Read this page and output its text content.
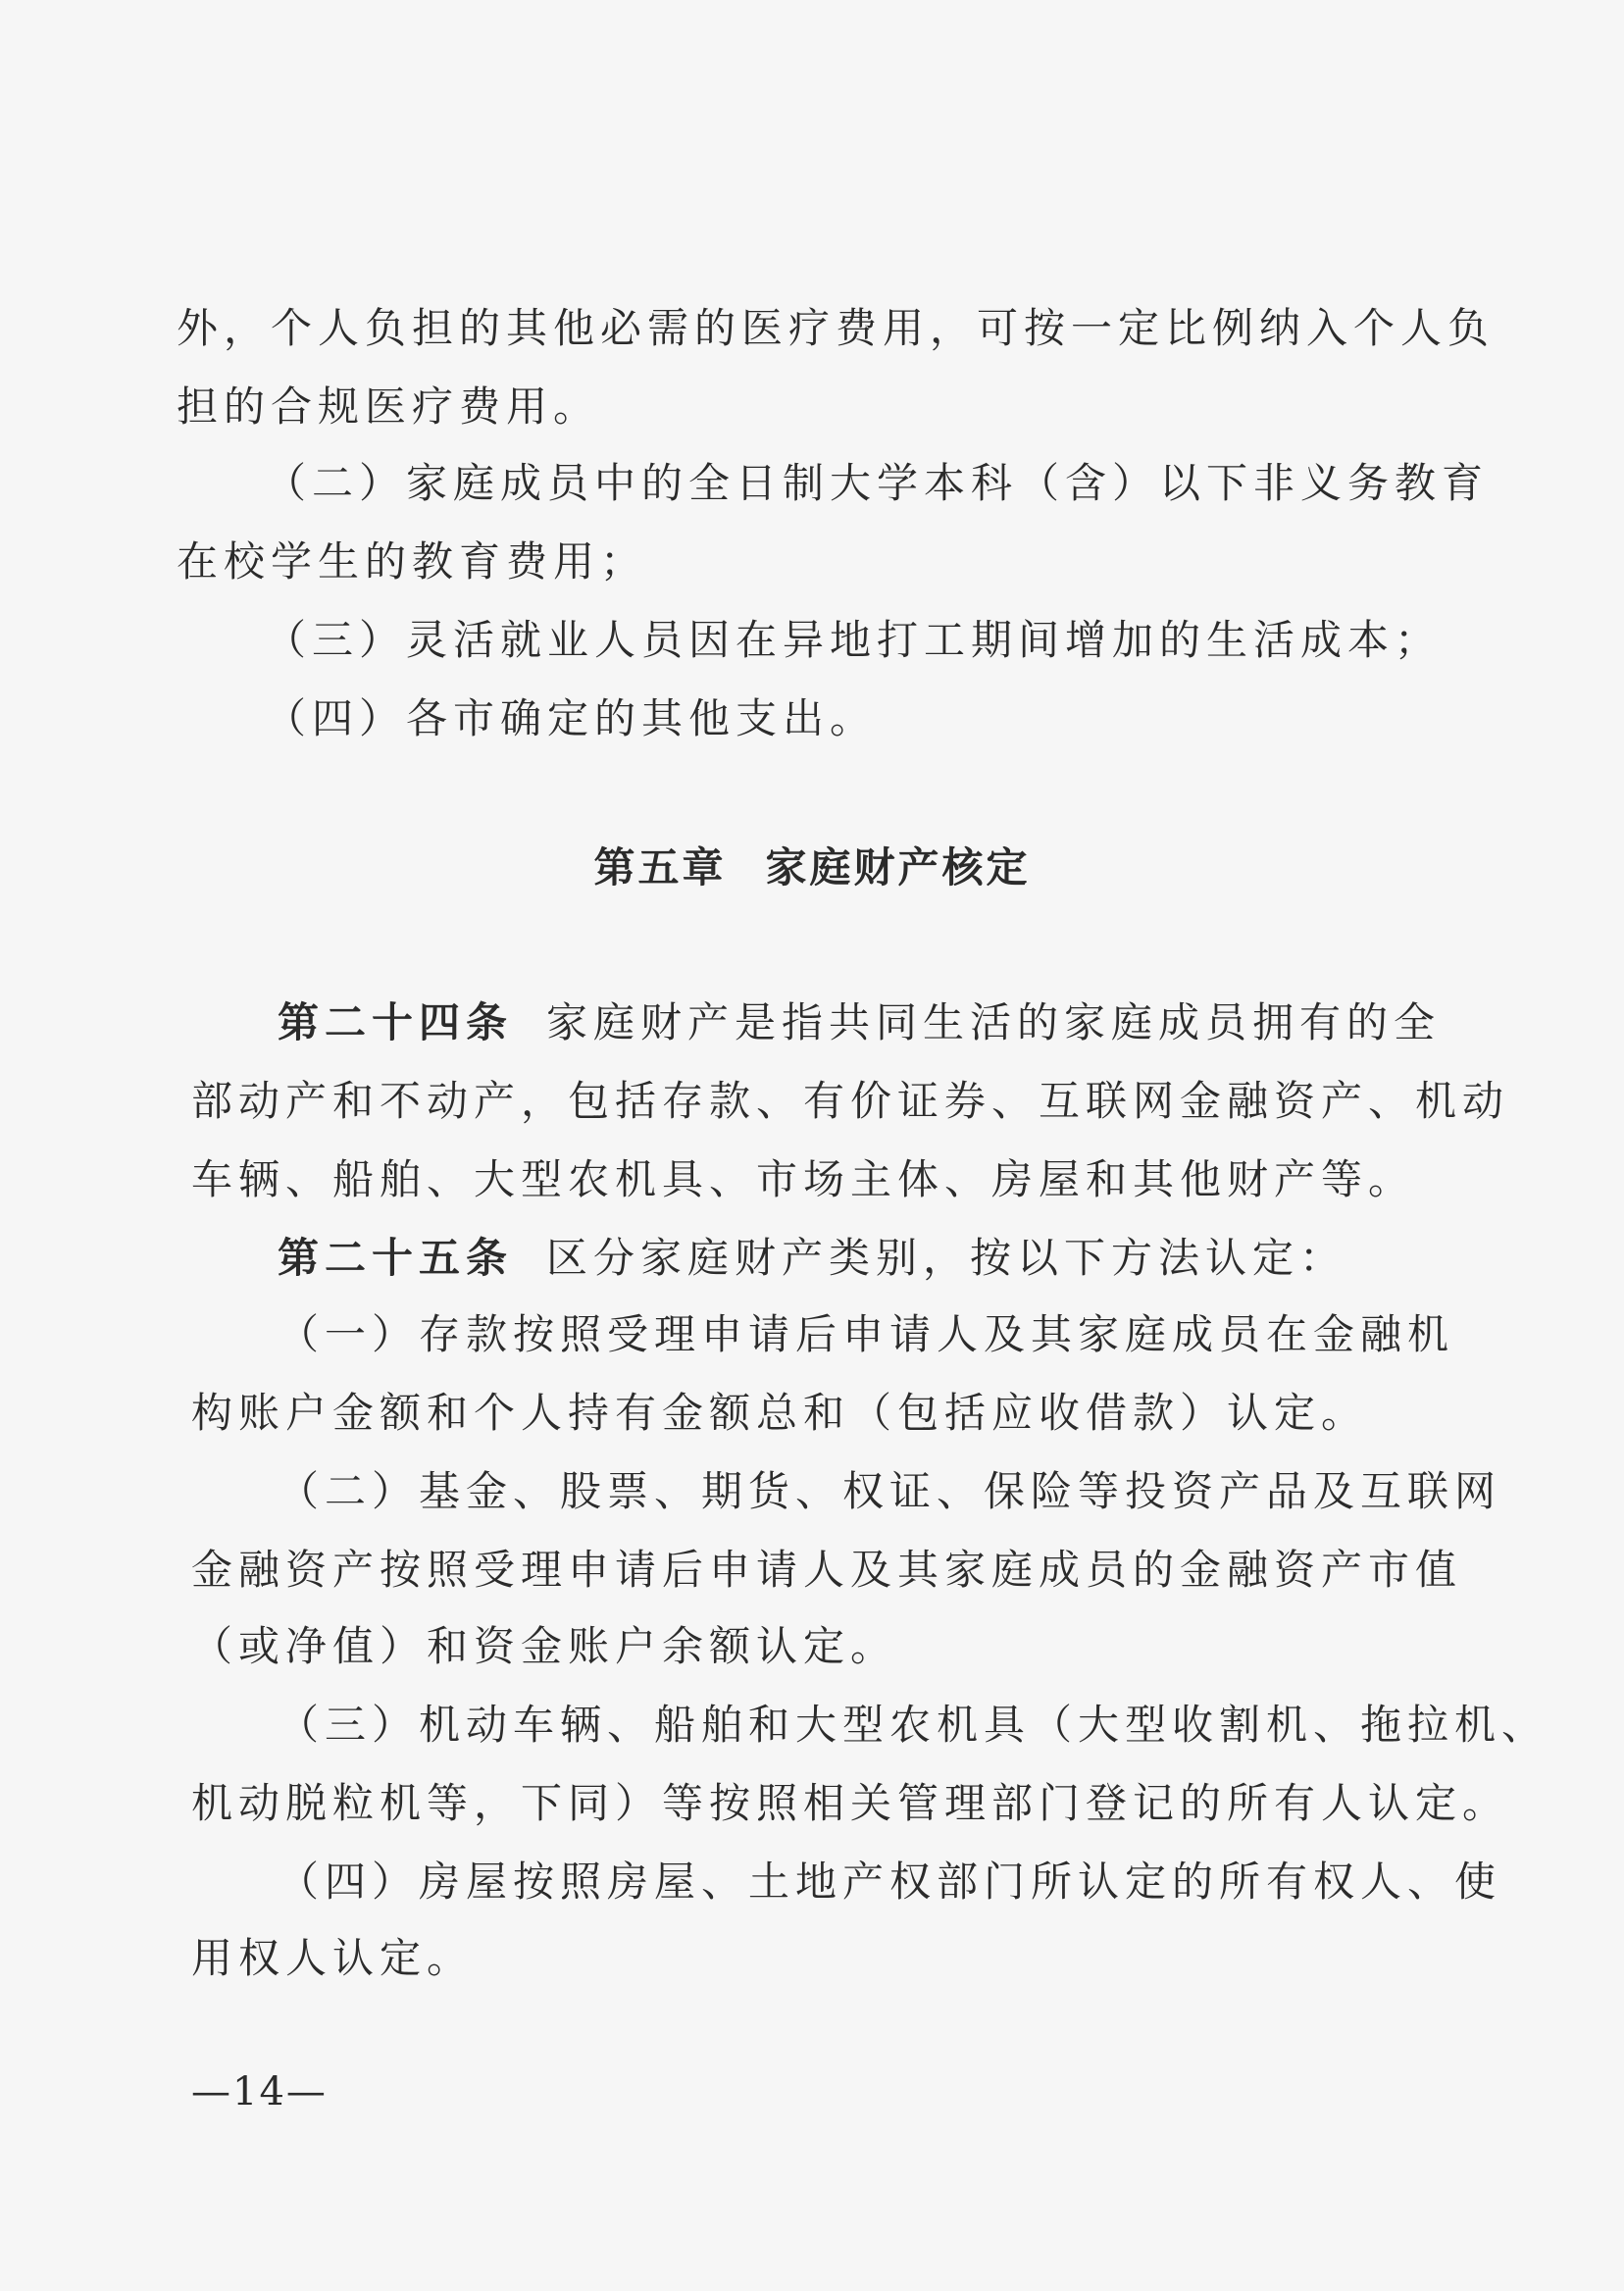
外，个人负担的其他必需的医疗费用，可按一定比例纳入个人负
担的合规医疗费用。
（二）家庭成员中的全日制大学本科（含）以下非义务教育
在校学生的教育费用；
（三）灵活就业人员因在异地打工期间增加的生活成本；
（四）各市确定的其他支出。
第五章 家庭财产核定
第二十四条 家庭财产是指共同生活的家庭成员拥有的全
部动产和不动产，包括存款、有价证券、互联网金融资产、机动
车辆、船舶、大型农机具、市场主体、房屋和其他财产等。
第二十五条 区分家庭财产类别，按以下方法认定：
（一）存款按照受理申请后申请人及其家庭成员在金融机
构账户金额和个人持有金额总和（包括应收借款）认定。
（二）基金、股票、期货、权证、保险等投资产品及互联网
金融资产按照受理申请后申请人及其家庭成员的金融资产市值
（或净值）和资金账户余额认定。
（三）机动车辆、船舶和大型农机具（大型收割机、拖拉机、
机动脱粒机等，下同）等按照相关管理部门登记的所有人认定。
（四）房屋按照房屋、土地产权部门所认定的所有权人、使
用权人认定。
—14—
